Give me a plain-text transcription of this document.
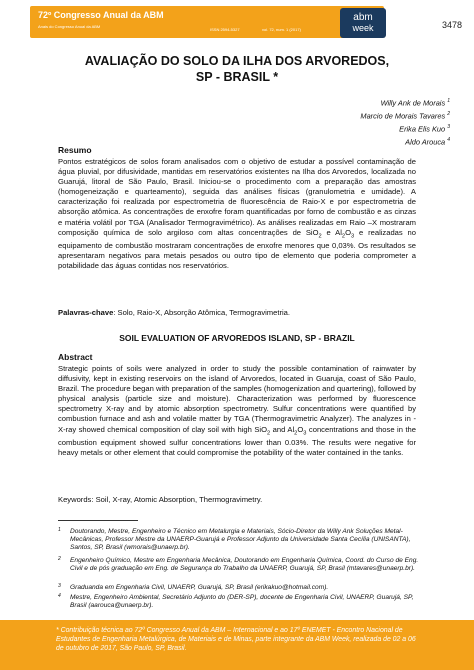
72º Congresso Anual da ABM
Anais do Congresso Anual da ABM
ISSN 2594-5327	vol. 72, num. 1 (2017)
abm
week	3478
AVALIAÇÃO DO SOLO DA ILHA DOS ARVOREDOS,
SP - BRASIL *
Willy Ank de Morais $^1$
Marcio de Morais Tavares $^2$
Erika Elis Kuo $^3$
Aldo Arouca $^4$
Resumo
Pontos estratégicos de solos foram analisados com o objetivo de estudar a possível contaminação de água pluvial, por difusividade, mantidas em reservatórios existentes na Ilha dos Arvoredos, localizada no Guarujá, litoral de São Paulo, Brasil. Iniciou-se o procedimento com a preparação das amostras (homogeneização e quarteamento), seguida das análises físicas (granulometria e umidade). A caracterização foi realizada por espectrometria de fluorescência de Raio-X e por espectrometria de absorção atômica. As concentrações de enxofre foram quantificadas por forno de combustão e as cinzas e matéria volátil por TGA (Analisador Termogravimétrico). As análises realizadas em Raio –X mostraram composição química de solo argiloso com altas concentrações de SiO$_2$ e $Al_2O_3$ e realizadas no equipamento de combustão mostraram concentrações de enxofre menores que 0,03%. Os resultados se apresentaram negativos para metais pesados ou outro tipo de elemento que poderia comprometer a potabilidade das águas contidas nos reservatórios.
Palavras-chave: Solo, Raio-X, Absorção Atômica, Termogravimetria.
SOIL EVALUATION OF ARVOREDOS ISLAND, SP - BRAZIL
Abstract
Strategic points of soils were analyzed in order to study the possible contamination of rainwater by diffusivity, kept in existing reservoirs on the island of Arvoredos, located in Guaruja, coast of São Paulo, Brazil. The procedure began with preparation of the samples (homogenization and quartering), followed by physical analysis (particle size and moisture). Characterization was performed by fluorescence spectrometry X-ray and by atomic absorption spectrometry. Sulfur concentrations were quantified by combustion furnace and ash and volatile matter by TGA (Thermogravimetric Analyzer). The analyzes in -X-ray showed chemical composition of clay soil with high SiO$_2$ and $Al_2O_3$ concentrations and those in the combustion equipment showed sulfur concentrations lower than 0.03%. The results were negative for heavy metals or other element that could compromise the potability of the water contained in the tanks.
Keywords: Soil, X-ray, Atomic Absorption, Thermogravimetry.
1 Doutorando, Mestre, Engenheiro e Técnico em Metalurgia e Materiais, Sócio-Diretor da Willy Ank Soluções Metal-Mecânicas, Professor Mestre da UNAERP-Guarujá e Professor Adjunto da Universidade Santa Cecília (UNISANTA), Santos, SP, Brasil (wmorais@unaerp.br).
2 Engenheiro Químico, Mestre em Engenharia Mecânica, Doutorando em Engenharia Química, Coord. do Curso de Eng. Civil e de pós graduação em Eng. de Segurança do Trabalho da UNAERP, Guarujá, SP, Brasil (mtavares@unaerp.br).
3 Graduanda em Engenharia Civil, UNAERP, Guarujá, SP, Brasil (erikakuo@hotmail.com).
4 Mestre, Engenheiro Ambiental, Secretário Adjunto do (DER-SP), docente de Engenharia Civil, UNAERP, Guarujá, SP, Brasil (aarouca@unaerp.br).
* Contribuição técnica ao 72º Congresso Anual da ABM – Internacional e ao 17º ENEMET - Encontro Nacional de Estudantes de Engenharia Metalúrgica, de Materiais e de Minas, parte integrante da ABM Week, realizada de 02 a 06 de outubro de 2017, São Paulo, SP, Brasil.
